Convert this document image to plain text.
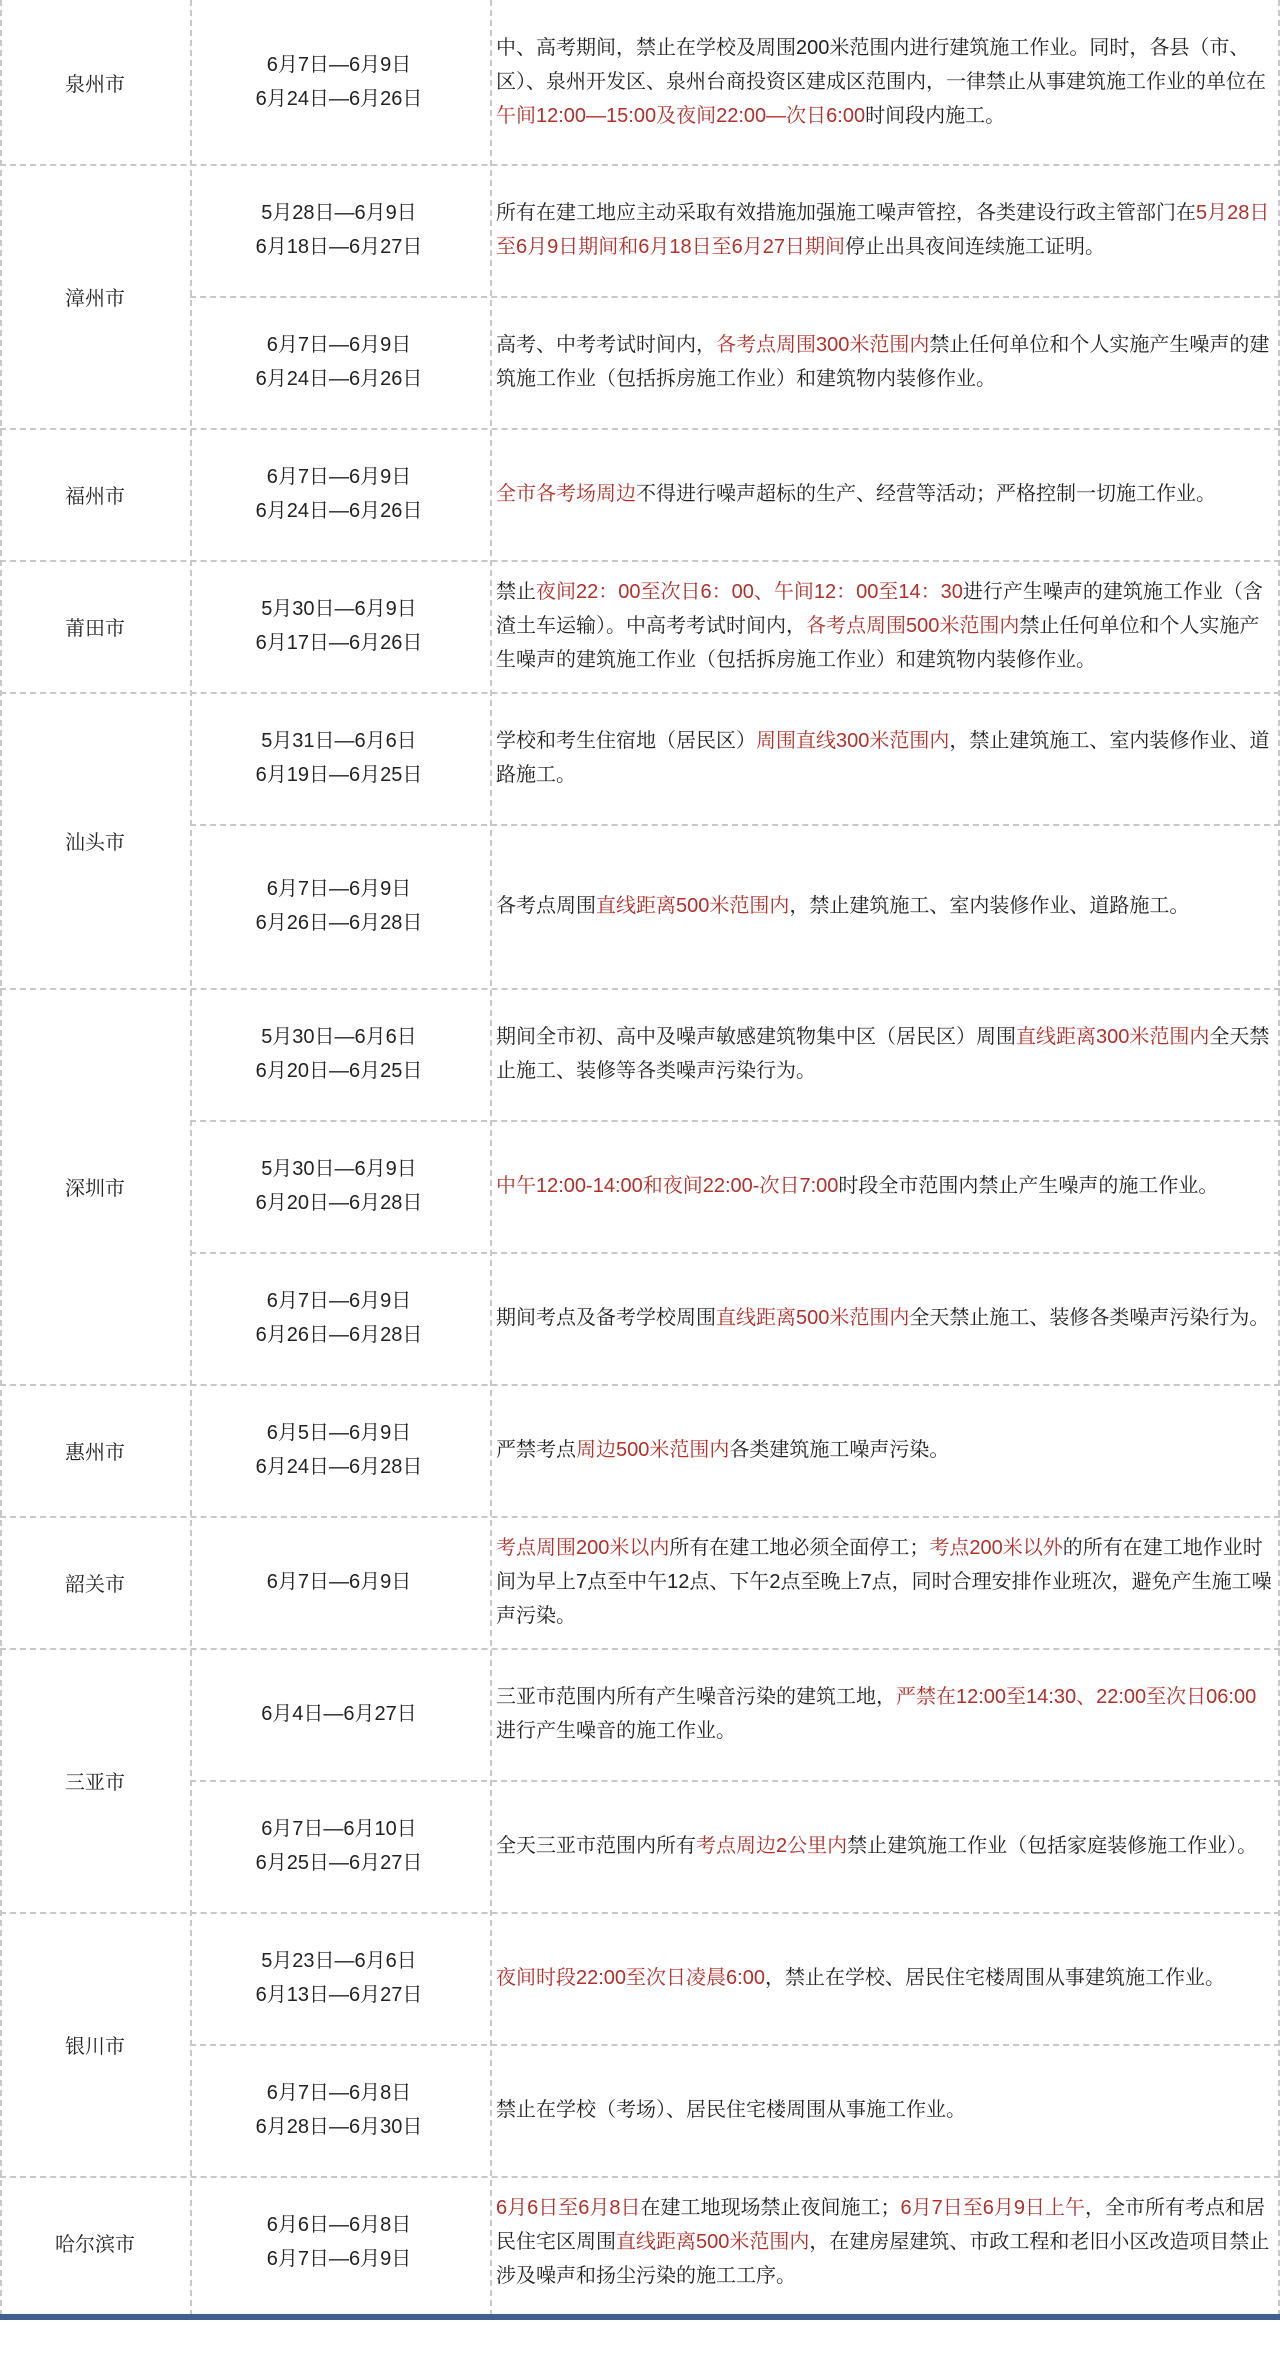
泉州市
6月7日—6月9日
6月24日—6月26日
中、高考期间，禁止在学校及周围200米范围内进行建筑施工作业。同时，各县（市、区）、泉州开发区、泉州台商投资区建成区范围内，一律禁止从事建筑施工作业的单位在午间12:00—15:00及夜间22:00—次日6:00时间段内施工。
漳州市
5月28日—6月9日
6月18日—6月27日
所有在建工地应主动采取有效措施加强施工噪声管控，各类建设行政主管部门在5月28日至6月9日期间和6月18日至6月27日期间停止出具夜间连续施工证明。
6月7日—6月9日
6月24日—6月26日
高考、中考考试时间内，各考点周围300米范围内禁止任何单位和个人实施产生噪声的建筑施工作业（包括拆房施工作业）和建筑物内装修作业。
福州市
6月7日—6月9日
6月24日—6月26日
全市各考场周边不得进行噪声超标的生产、经营等活动；严格控制一切施工作业。
莆田市
5月30日—6月9日
6月17日—6月26日
禁止夜间22：00至次日6：00、午间12：00至14：30进行产生噪声的建筑施工作业（含渣土车运输）。中高考考试时间内，各考点周围500米范围内禁止任何单位和个人实施产生噪声的建筑施工作业（包括拆房施工作业）和建筑物内装修作业。
汕头市
5月31日—6月6日
6月19日—6月25日
学校和考生住宿地（居民区）周围直线300米范围内，禁止建筑施工、室内装修作业、道路施工。
6月7日—6月9日
6月26日—6月28日
各考点周围直线距离500米范围内，禁止建筑施工、室内装修作业、道路施工。
深圳市
5月30日—6月6日
6月20日—6月25日
期间全市初、高中及噪声敏感建筑物集中区（居民区）周围直线距离300米范围内全天禁止施工、装修等各类噪声污染行为。
5月30日—6月9日
6月20日—6月28日
中午12:00-14:00和夜间22:00-次日7:00时段全市范围内禁止产生噪声的施工作业。
6月7日—6月9日
6月26日—6月28日
期间考点及备考学校周围直线距离500米范围内全天禁止施工、装修各类噪声污染行为。
惠州市
6月5日—6月9日
6月24日—6月28日
严禁考点周边500米范围内各类建筑施工噪声污染。
韶关市	6月7日—6月9日
考点周围200米以内所有在建工地必须全面停工；考点200米以外的所有在建工地作业时间为早上7点至中午12点、下午2点至晚上7点，同时合理安排作业班次，避免产生施工噪声污染。
三亚市
6月4日—6月27日
三亚市范围内所有产生噪音污染的建筑工地，严禁在12:00至14:30、22:00至次日06:00进行产生噪音的施工作业。
6月7日—6月10日
6月25日—6月27日
全天三亚市范围内所有考点周边2公里内禁止建筑施工作业（包括家庭装修施工作业）。
银川市
5月23日—6月6日
6月13日—6月27日
夜间时段22:00至次日凌晨6:00，禁止在学校、居民住宅楼周围从事建筑施工作业。
6月7日—6月8日
6月28日—6月30日
禁止在学校（考场）、居民住宅楼周围从事施工作业。
哈尔滨市
6月6日—6月8日
6月7日—6月9日
6月6日至6月8日在建工地现场禁止夜间施工；6月7日至6月9日上午，全市所有考点和居民住宅区周围直线距离500米范围内，在建房屋建筑、市政工程和老旧小区改造项目禁止涉及噪声和扬尘污染的施工工序。
